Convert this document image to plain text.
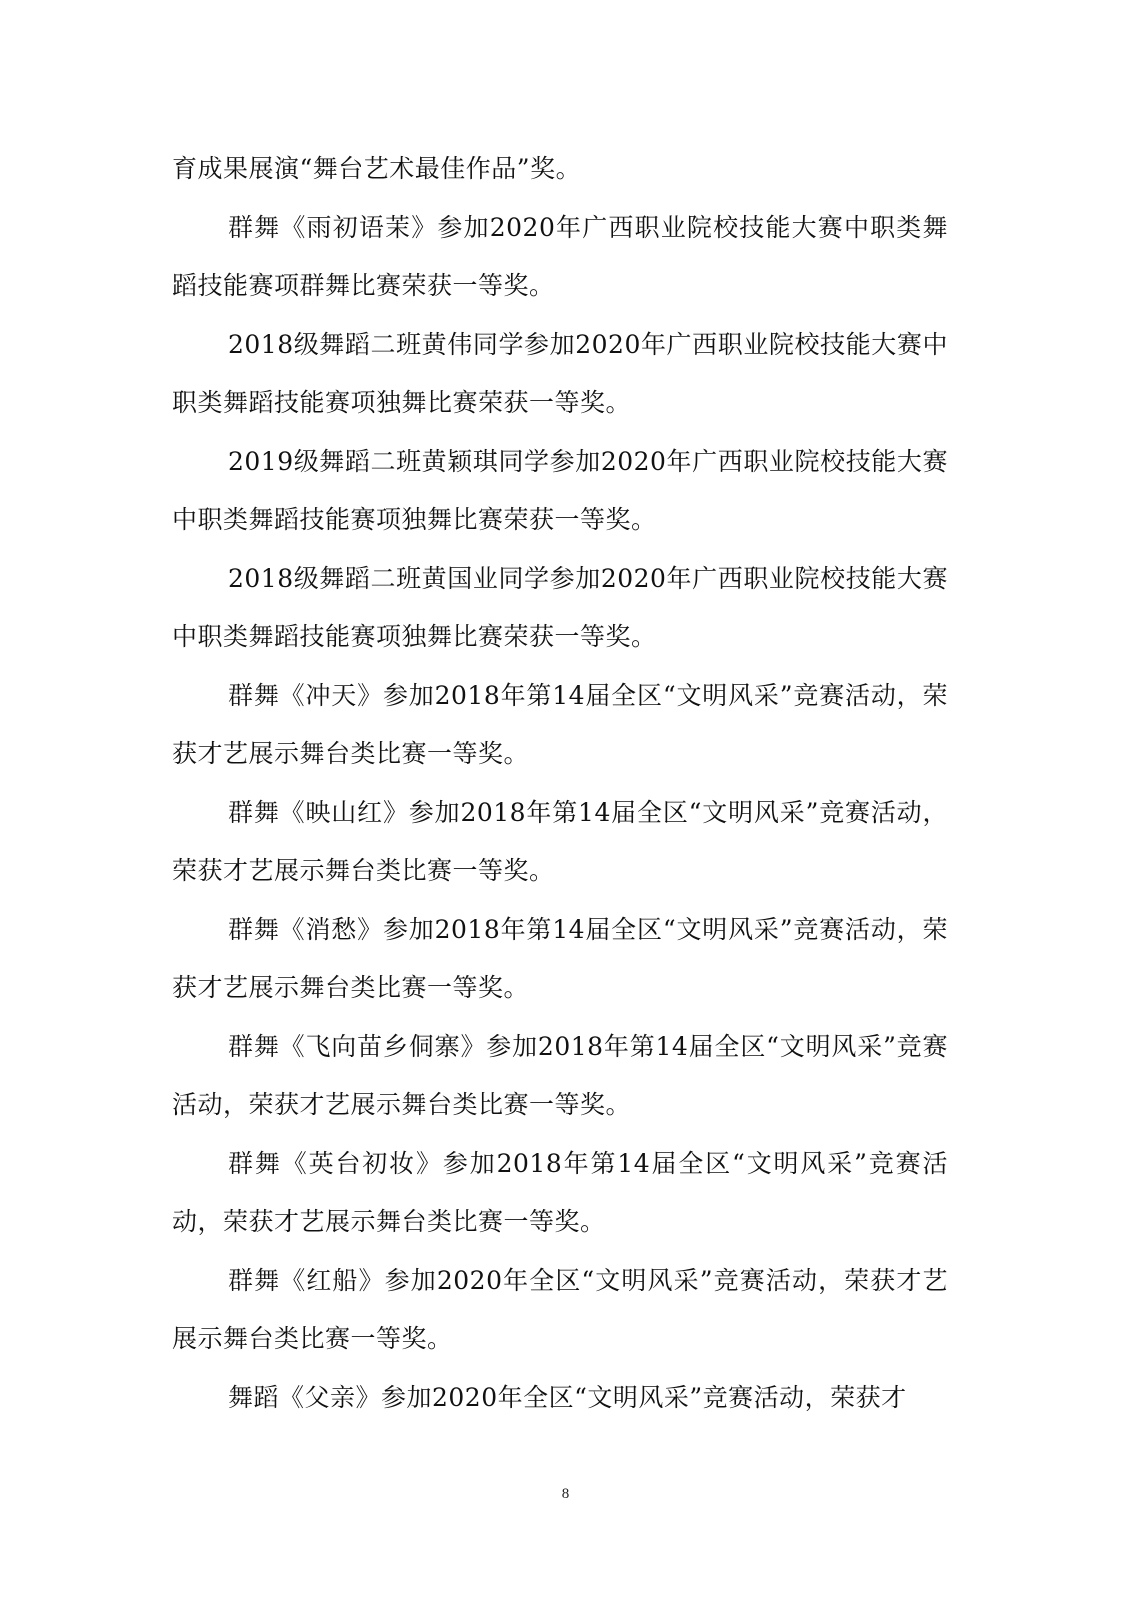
育成果展演“舞台艺术最佳作品”奖。

群舞《雨初语茉》参加2020年广西职业院校技能大赛中职类舞蹈技能赛项群舞比赛荣获一等奖。

2018级舞蹈二班黄伟同学参加2020年广西职业院校技能大赛中职类舞蹈技能赛项独舞比赛荣获一等奖。

2019级舞蹈二班黄颖琪同学参加2020年广西职业院校技能大赛中职类舞蹈技能赛项独舞比赛荣获一等奖。

2018级舞蹈二班黄国业同学参加2020年广西职业院校技能大赛中职类舞蹈技能赛项独舞比赛荣获一等奖。

群舞《冲天》参加2018年第14届全区“文明风采”竞赛活动，荣获才艺展示舞台类比赛一等奖。

群舞《映山红》参加2018年第14届全区“文明风采”竞赛活动，荣获才艺展示舞台类比赛一等奖。

群舞《消愁》参加2018年第14届全区“文明风采”竞赛活动，荣获才艺展示舞台类比赛一等奖。

群舞《飞向苗乡侗寨》参加2018年第14届全区“文明风采”竞赛活动，荣获才艺展示舞台类比赛一等奖。

群舞《英台初妆》参加2018年第14届全区“文明风采”竞赛活动，荣获才艺展示舞台类比赛一等奖。

群舞《红船》参加2020年全区“文明风采”竞赛活动，荣获才艺展示舞台类比赛一等奖。

舞蹈《父亲》参加2020年全区“文明风采”竞赛活动，荣获才

8
